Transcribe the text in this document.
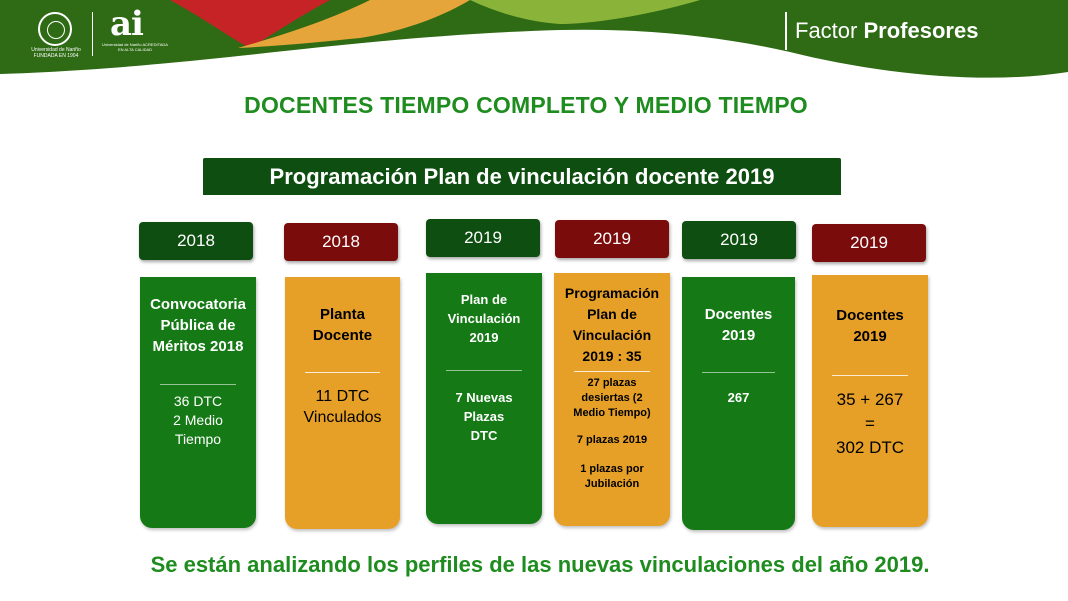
Universidad de Nariño
FUNDADA EN 1904
ai
Universidad de Nariño ACREDITADA EN ALTA CALIDAD
Factor Profesores
DOCENTES TIEMPO COMPLETO Y MEDIO TIEMPO
Programación Plan de vinculación docente 2019
2018
Convocatoria Pública de Méritos 2018
36 DTC
2 Medio
Tiempo
2018
Planta Docente
11 DTC
Vinculados
2019
Plan de Vinculación 2019
7 Nuevas
Plazas
DTC
2019
Programación Plan de Vinculación 2019 : 35
27 plazas desiertas (2 Medio Tiempo)
7 plazas 2019
1 plazas por Jubilación
2019
Docentes 2019
267
2019
Docentes 2019
35 + 267
=
302 DTC
Se están analizando los perfiles de las nuevas vinculaciones del año 2019.
